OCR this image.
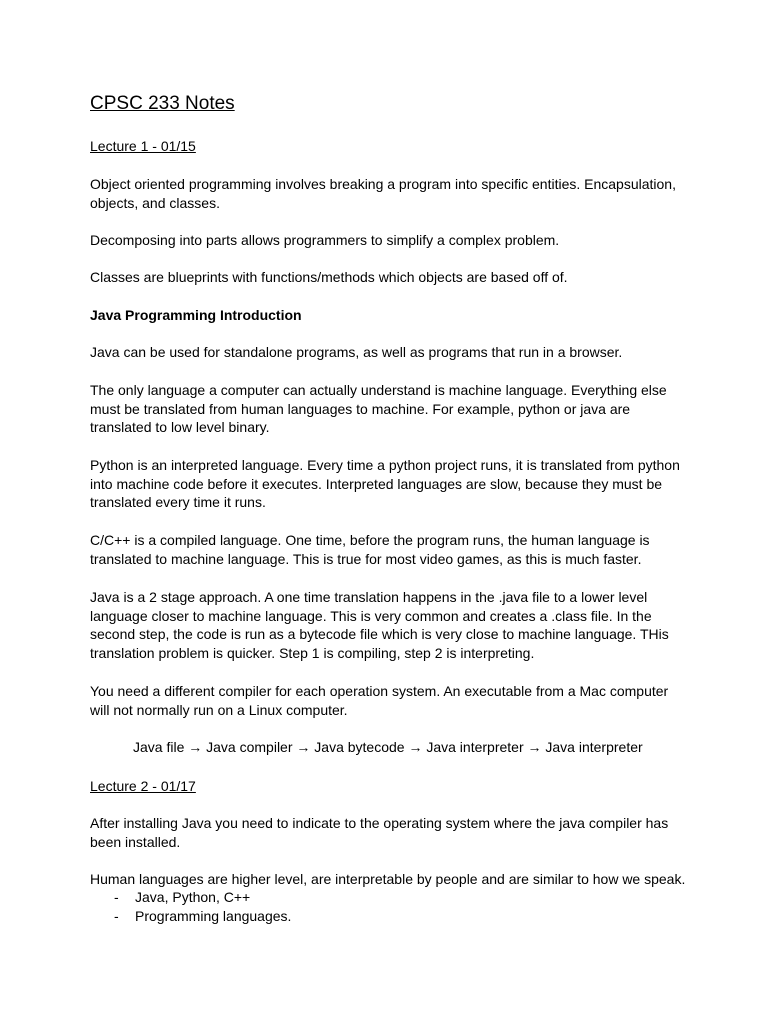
CPSC 233 Notes

Lecture 1 - 01/15

Object oriented programming involves breaking a program into specific entities. Encapsulation,
objects, and classes.

Decomposing into parts allows programmers to simplify a complex problem.

Classes are blueprints with functions/methods which objects are based off of.

Java Programming Introduction

Java can be used for standalone programs, as well as programs that run in a browser.

The only language a computer can actually understand is machine language. Everything else
must be translated from human languages to machine. For example, python or java are
translated to low level binary.

Python is an interpreted language. Every time a python project runs, it is translated from python
into machine code before it executes. Interpreted languages are slow, because they must be
translated every time it runs.

C/C++ is a compiled language. One time, before the program runs, the human language is
translated to machine language. This is true for most video games, as this is much faster.

Java is a 2 stage approach. A one time translation happens in the .java file to a lower level
language closer to machine language. This is very common and creates a .class file. In the
second step, the code is run as a bytecode file which is very close to machine language. THis
translation problem is quicker. Step 1 is compiling, step 2 is interpreting.

You need a different compiler for each operation system. An executable from a Mac computer
will not normally run on a Linux computer.

Java file → Java compiler → Java bytecode → Java interpreter → Java interpreter

Lecture 2 - 01/17

After installing Java you need to indicate to the operating system where the java compiler has
been installed.

Human languages are higher level, are interpretable by people and are similar to how we speak.

- Java, Python, C++
- Programming languages.
